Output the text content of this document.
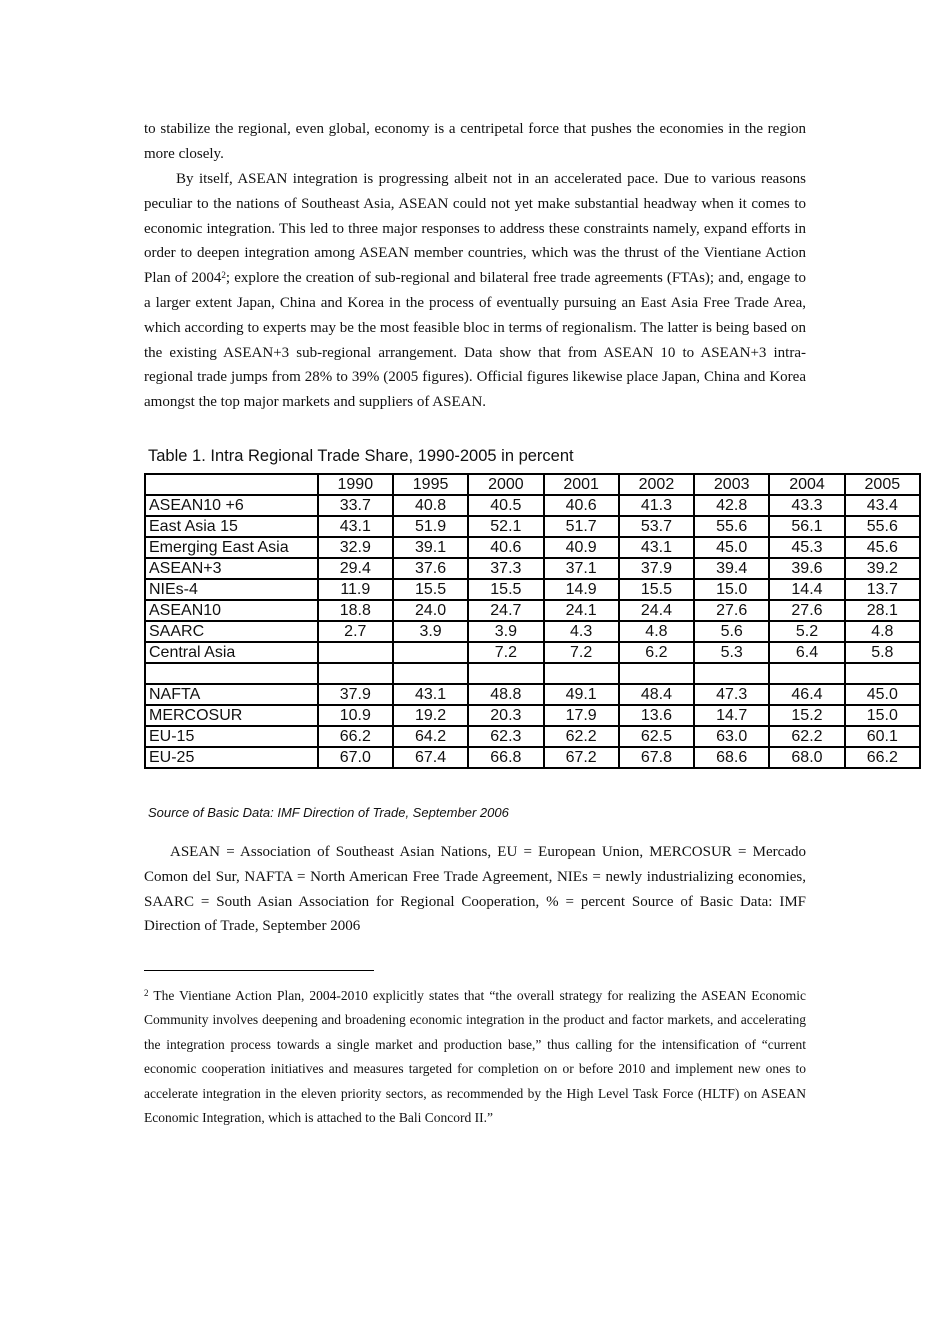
to stabilize the regional, even global, economy is a centripetal force that pushes the economies in the region more closely.

By itself, ASEAN integration is progressing albeit not in an accelerated pace. Due to various reasons peculiar to the nations of Southeast Asia, ASEAN could not yet make substantial headway when it comes to economic integration. This led to three major responses to address these constraints namely, expand efforts in order to deepen integration among ASEAN member countries, which was the thrust of the Vientiane Action Plan of 2004$^2$; explore the creation of sub-regional and bilateral free trade agreements (FTAs); and, engage to a larger extent Japan, China and Korea in the process of eventually pursuing an East Asia Free Trade Area, which according to experts may be the most feasible bloc in terms of regionalism. The latter is being based on the existing ASEAN+3 sub-regional arrangement. Data show that from ASEAN 10 to ASEAN+3 intra-regional trade jumps from 28% to 39% (2005 figures). Official figures likewise place Japan, China and Korea amongst the top major markets and suppliers of ASEAN.

Table 1. Intra Regional Trade Share, 1990-2005 in percent

	1990	1995	2000	2001	2002	2003	2004	2005
ASEAN10 +6	33.7	40.8	40.5	40.6	41.3	42.8	43.3	43.4
East Asia 15	43.1	51.9	52.1	51.7	53.7	55.6	56.1	55.6
Emerging East Asia	32.9	39.1	40.6	40.9	43.1	45.0	45.3	45.6
ASEAN+3	29.4	37.6	37.3	37.1	37.9	39.4	39.6	39.2
NIEs-4	11.9	15.5	15.5	14.9	15.5	15.0	14.4	13.7
ASEAN10	18.8	24.0	24.7	24.1	24.4	27.6	27.6	28.1
SAARC	2.7	3.9	3.9	4.3	4.8	5.6	5.2	4.8
Central Asia			7.2	7.2	6.2	5.3	6.4	5.8

NAFTA	37.9	43.1	48.8	49.1	48.4	47.3	46.4	45.0
MERCOSUR	10.9	19.2	20.3	17.9	13.6	14.7	15.2	15.0
EU-15	66.2	64.2	62.3	62.2	62.5	63.0	62.2	60.1
EU-25	67.0	67.4	66.8	67.2	67.8	68.6	68.0	66.2

Source of Basic Data: IMF Direction of Trade, September 2006

ASEAN = Association of Southeast Asian Nations, EU = European Union, MERCOSUR = Mercado Comon del Sur, NAFTA = North American Free Trade Agreement, NIEs = newly industrializing economies, SAARC = South Asian Association for Regional Cooperation, % = percent Source of Basic Data: IMF Direction of Trade, September 2006

$^2$ The Vientiane Action Plan, 2004-2010 explicitly states that “the overall strategy for realizing the ASEAN Economic Community involves deepening and broadening economic integration in the product and factor markets, and accelerating the integration process towards a single market and production base,” thus calling for the intensification of “current economic cooperation initiatives and measures targeted for completion on or before 2010 and implement new ones to accelerate integration in the eleven priority sectors, as recommended by the High Level Task Force (HLTF) on ASEAN Economic Integration, which is attached to the Bali Concord II.”
